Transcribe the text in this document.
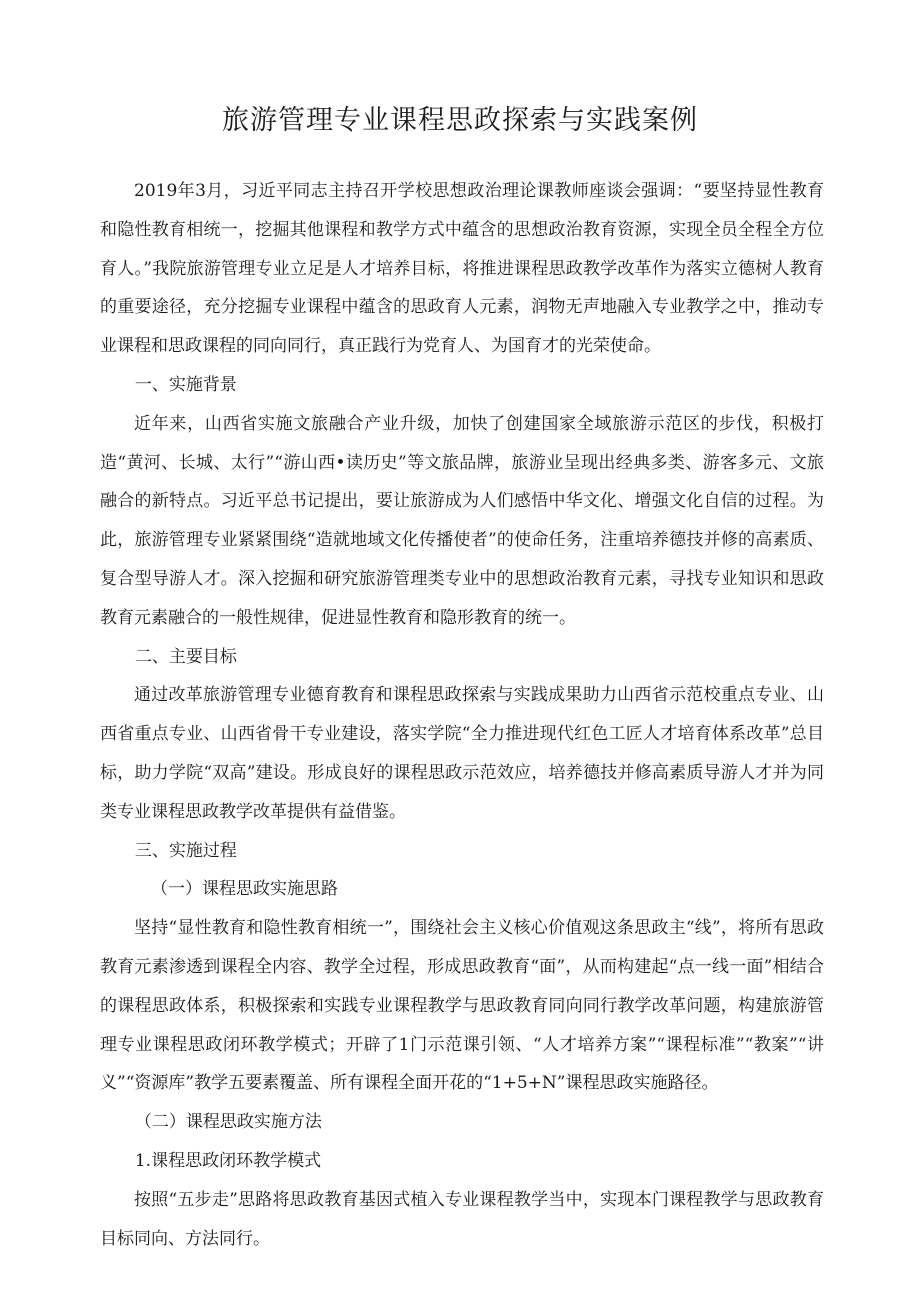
旅游管理专业课程思政探索与实践案例

2019年3月，习近平同志主持召开学校思想政治理论课教师座谈会强调：“要坚持显性教育和隐性教育相统一，挖掘其他课程和教学方式中蕴含的思想政治教育资源，实现全员全程全方位育人。”我院旅游管理专业立足是人才培养目标，将推进课程思政教学改革作为落实立德树人教育的重要途径，充分挖掘专业课程中蕴含的思政育人元素，润物无声地融入专业教学之中，推动专业课程和思政课程的同向同行，真正践行为党育人、为国育才的光荣使命。

一、实施背景

近年来，山西省实施文旅融合产业升级，加快了创建国家全域旅游示范区的步伐，积极打造“黄河、长城、太行”“游山西•读历史”等文旅品牌，旅游业呈现出经典多类、游客多元、文旅融合的新特点。习近平总书记提出，要让旅游成为人们感悟中华文化、增强文化自信的过程。为此，旅游管理专业紧紧围绕“造就地域文化传播使者”的使命任务，注重培养德技并修的高素质、复合型导游人才。深入挖掘和研究旅游管理类专业中的思想政治教育元素，寻找专业知识和思政教育元素融合的一般性规律，促进显性教育和隐形教育的统一。

二、主要目标

通过改革旅游管理专业德育教育和课程思政探索与实践成果助力山西省示范校重点专业、山西省重点专业、山西省骨干专业建设，落实学院“全力推进现代红色工匠人才培育体系改革”总目标，助力学院“双高”建设。形成良好的课程思政示范效应，培养德技并修高素质导游人才并为同类专业课程思政教学改革提供有益借鉴。

三、实施过程

（一）课程思政实施思路

坚持“显性教育和隐性教育相统一”，围绕社会主义核心价值观这条思政主“线”，将所有思政教育元素渗透到课程全内容、教学全过程，形成思政教育“面”，从而构建起“点一线一面”相结合的课程思政体系，积极探索和实践专业课程教学与思政教育同向同行教学改革问题，构建旅游管理专业课程思政闭环教学模式；开辟了1门示范课引领、“人才培养方案”“课程标准”“教案”“讲义”“资源库”教学五要素覆盖、所有课程全面开花的“1+5+N”课程思政实施路径。

（二）课程思政实施方法

1.课程思政闭环教学模式

按照“五步走”思路将思政教育基因式植入专业课程教学当中，实现本门课程教学与思政教育目标同向、方法同行。
